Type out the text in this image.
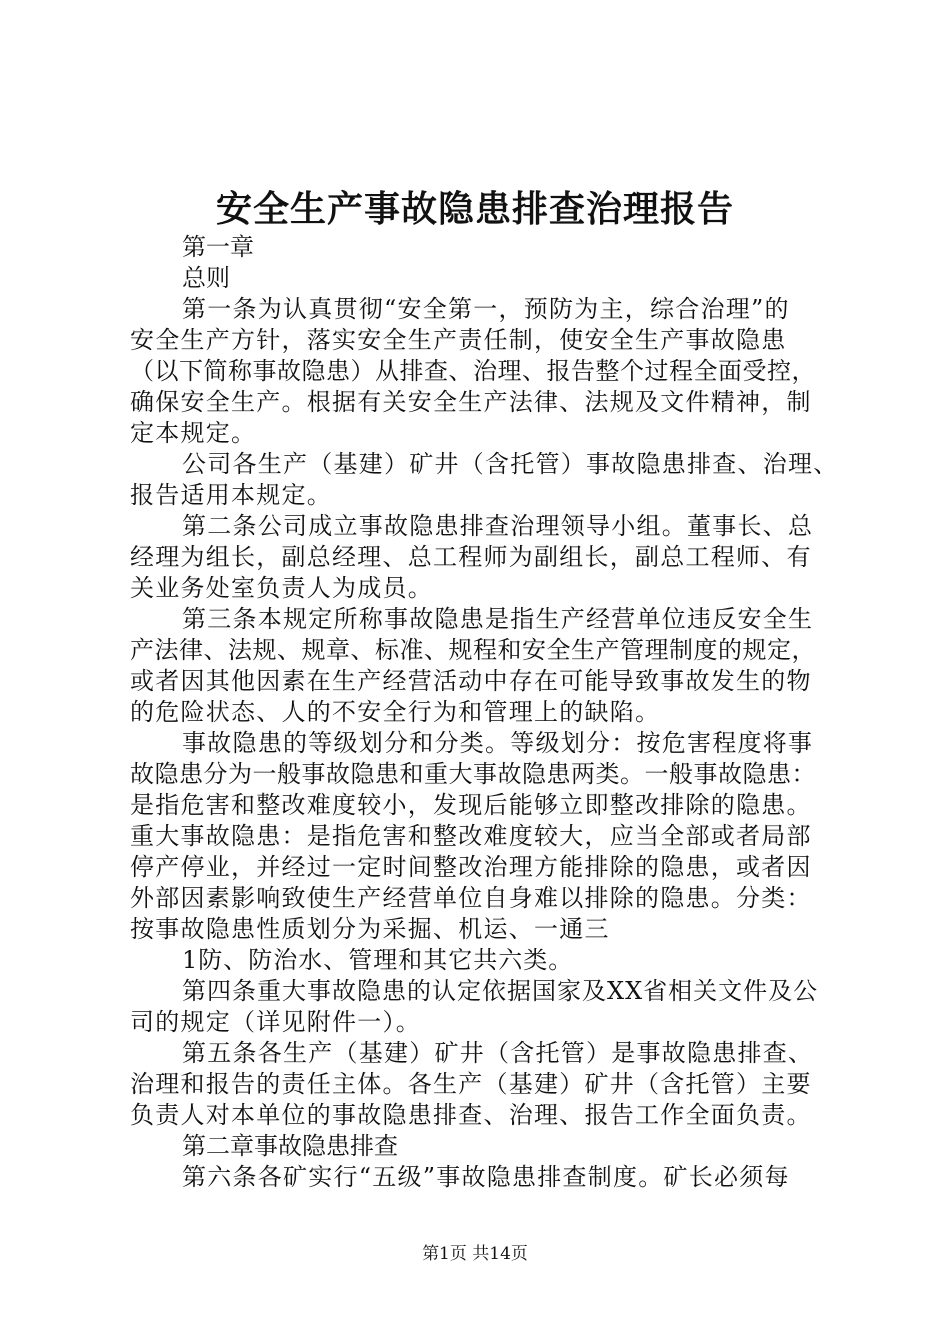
安全生产事故隐患排查治理报告
第一章
总则
第一条为认真贯彻“安全第一，预防为主，综合治理”的
安全生产方针，落实安全生产责任制，使安全生产事故隐患
（以下简称事故隐患）从排查、治理、报告整个过程全面受控，
确保安全生产。根据有关安全生产法律、法规及文件精神，制
定本规定。
公司各生产（基建）矿井（含托管）事故隐患排查、治理、
报告适用本规定。
第二条公司成立事故隐患排查治理领导小组。董事长、总
经理为组长，副总经理、总工程师为副组长，副总工程师、有
关业务处室负责人为成员。
第三条本规定所称事故隐患是指生产经营单位违反安全生
产法律、法规、规章、标准、规程和安全生产管理制度的规定，
或者因其他因素在生产经营活动中存在可能导致事故发生的物
的危险状态、人的不安全行为和管理上的缺陷。
事故隐患的等级划分和分类。等级划分：按危害程度将事
故隐患分为一般事故隐患和重大事故隐患两类。一般事故隐患：
是指危害和整改难度较小，发现后能够立即整改排除的隐患。
重大事故隐患：是指危害和整改难度较大，应当全部或者局部
停产停业，并经过一定时间整改治理方能排除的隐患，或者因
外部因素影响致使生产经营单位自身难以排除的隐患。分类：
按事故隐患性质划分为采掘、机运、一通三
1防、防治水、管理和其它共六类。
第四条重大事故隐患的认定依据国家及XX省相关文件及公
司的规定（详见附件一）。
第五条各生产（基建）矿井（含托管）是事故隐患排查、
治理和报告的责任主体。各生产（基建）矿井（含托管）主要
负责人对本单位的事故隐患排查、治理、报告工作全面负责。
第二章事故隐患排查
第六条各矿实行“五级”事故隐患排查制度。矿长必须每
第1页 共14页
